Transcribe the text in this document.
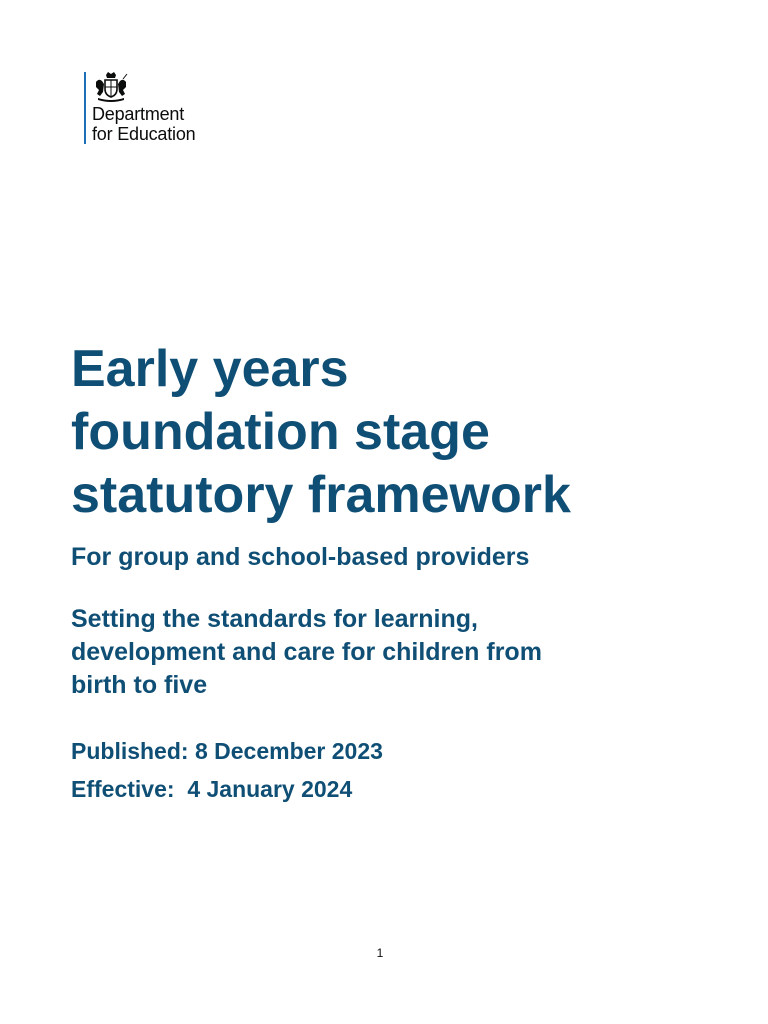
Department
for Education
Early years
foundation stage
statutory framework
For group and school-based providers

Setting the standards for learning,
development and care for children from
birth to five

Published: 8 December 2023
Effective:  4 January 2024
1
